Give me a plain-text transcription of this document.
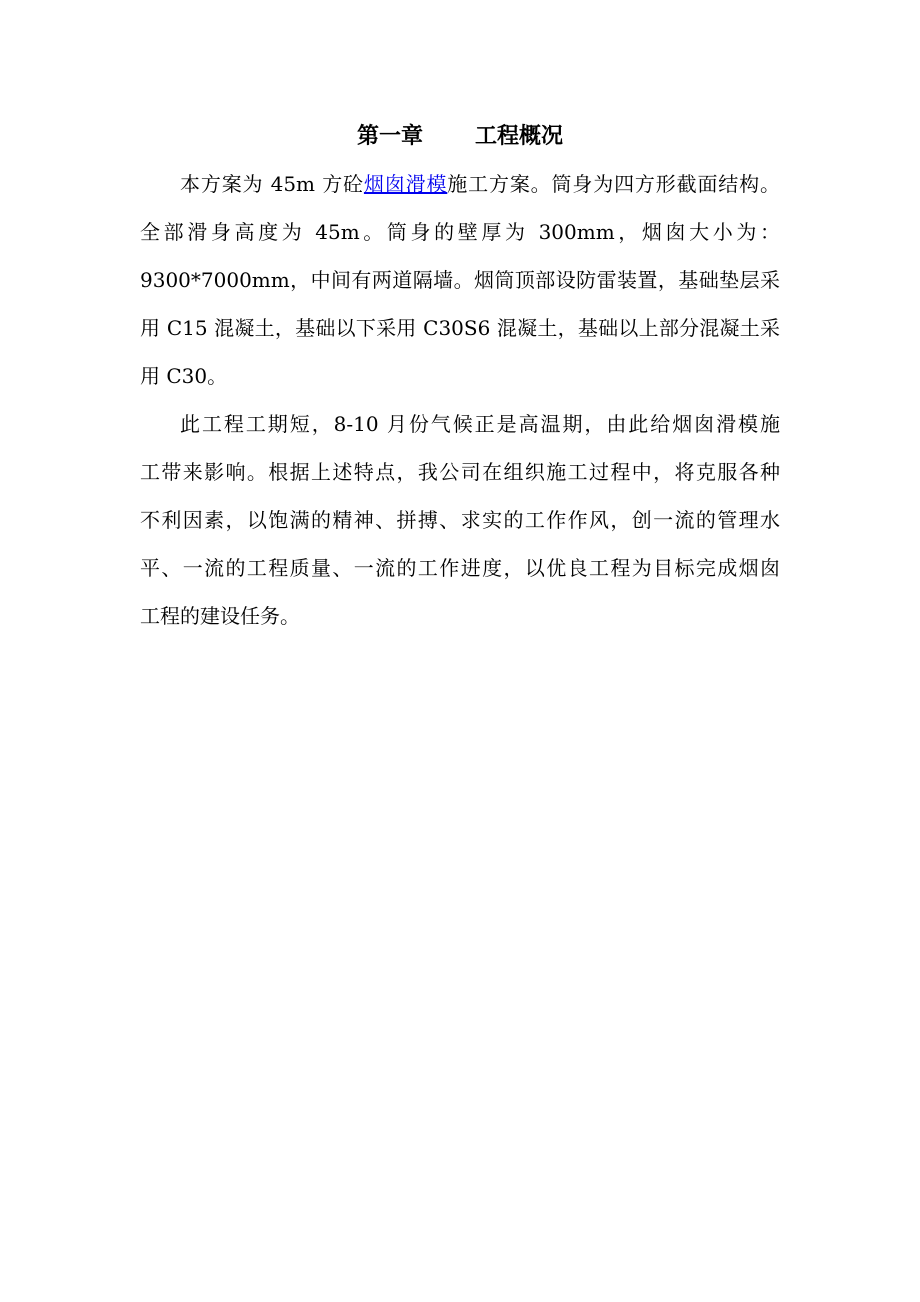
第一章 工程概况
本方案为 45m 方砼烟囱滑模施工方案。筒身为四方形截面结构。
全部滑身高度为 45m。筒身的壁厚为 300mm，烟囱大小为：
9300*7000mm，中间有两道隔墙。烟筒顶部设防雷装置，基础垫层采
用 C15 混凝土，基础以下采用 C30S6 混凝土，基础以上部分混凝土采
用 C30。
此工程工期短，8-10 月份气候正是高温期，由此给烟囱滑模施
工带来影响。根据上述特点，我公司在组织施工过程中，将克服各种
不利因素，以饱满的精神、拼搏、求实的工作作风，创一流的管理水
平、一流的工程质量、一流的工作进度，以优良工程为目标完成烟囱
工程的建设任务。
